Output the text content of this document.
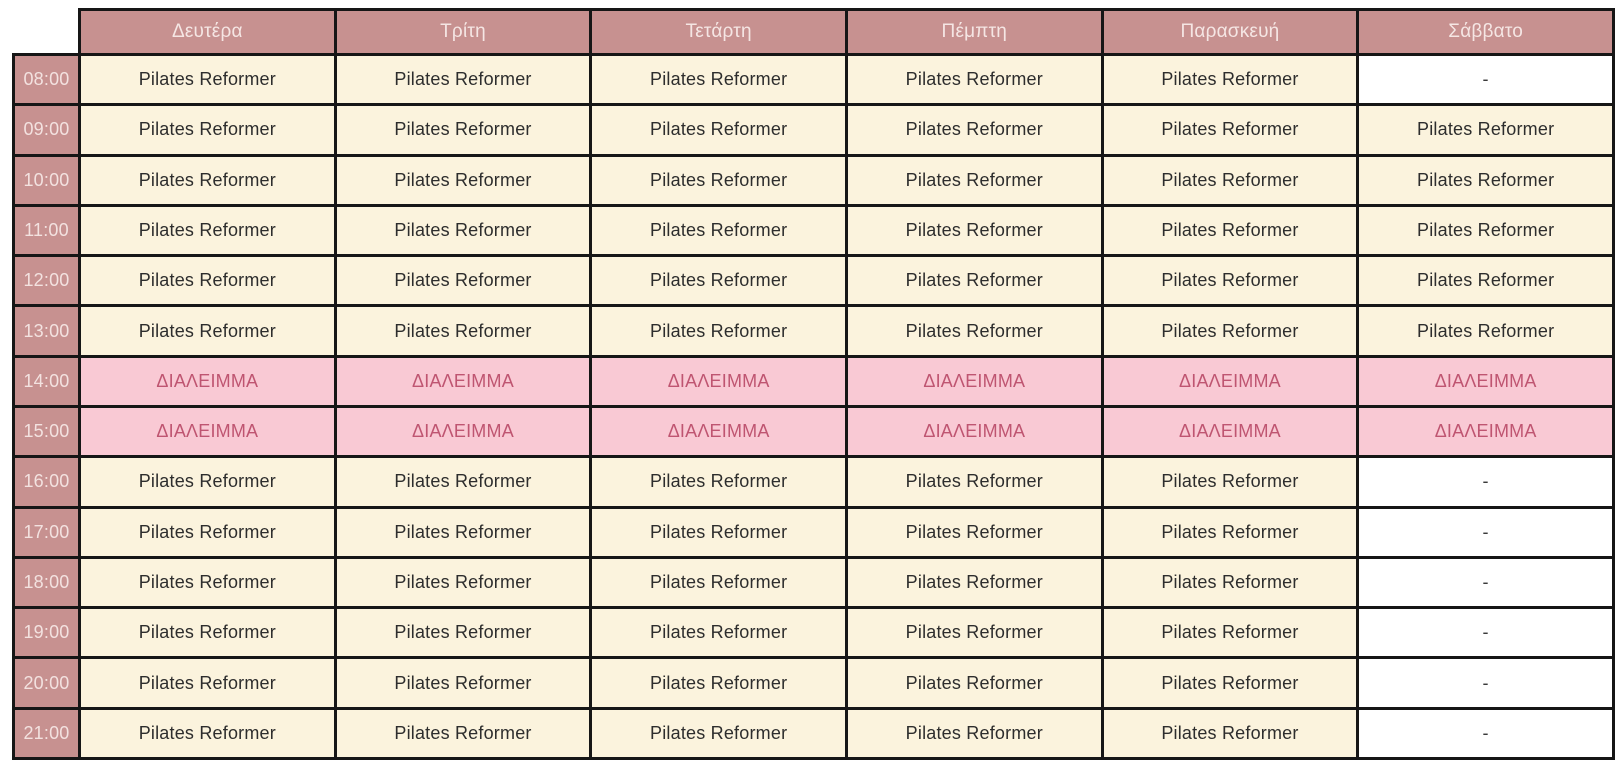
	Δευτέρα	Τρίτη	Τετάρτη	Πέμπτη	Παρασκευή	Σάββατο
08:00	Pilates Reformer	Pilates Reformer	Pilates Reformer	Pilates Reformer	Pilates Reformer	-
09:00	Pilates Reformer	Pilates Reformer	Pilates Reformer	Pilates Reformer	Pilates Reformer	Pilates Reformer
10:00	Pilates Reformer	Pilates Reformer	Pilates Reformer	Pilates Reformer	Pilates Reformer	Pilates Reformer
11:00	Pilates Reformer	Pilates Reformer	Pilates Reformer	Pilates Reformer	Pilates Reformer	Pilates Reformer
12:00	Pilates Reformer	Pilates Reformer	Pilates Reformer	Pilates Reformer	Pilates Reformer	Pilates Reformer
13:00	Pilates Reformer	Pilates Reformer	Pilates Reformer	Pilates Reformer	Pilates Reformer	Pilates Reformer
14:00	ΔΙΑΛΕΙΜΜΑ	ΔΙΑΛΕΙΜΜΑ	ΔΙΑΛΕΙΜΜΑ	ΔΙΑΛΕΙΜΜΑ	ΔΙΑΛΕΙΜΜΑ	ΔΙΑΛΕΙΜΜΑ
15:00	ΔΙΑΛΕΙΜΜΑ	ΔΙΑΛΕΙΜΜΑ	ΔΙΑΛΕΙΜΜΑ	ΔΙΑΛΕΙΜΜΑ	ΔΙΑΛΕΙΜΜΑ	ΔΙΑΛΕΙΜΜΑ
16:00	Pilates Reformer	Pilates Reformer	Pilates Reformer	Pilates Reformer	Pilates Reformer	-
17:00	Pilates Reformer	Pilates Reformer	Pilates Reformer	Pilates Reformer	Pilates Reformer	-
18:00	Pilates Reformer	Pilates Reformer	Pilates Reformer	Pilates Reformer	Pilates Reformer	-
19:00	Pilates Reformer	Pilates Reformer	Pilates Reformer	Pilates Reformer	Pilates Reformer	-
20:00	Pilates Reformer	Pilates Reformer	Pilates Reformer	Pilates Reformer	Pilates Reformer	-
21:00	Pilates Reformer	Pilates Reformer	Pilates Reformer	Pilates Reformer	Pilates Reformer	-
